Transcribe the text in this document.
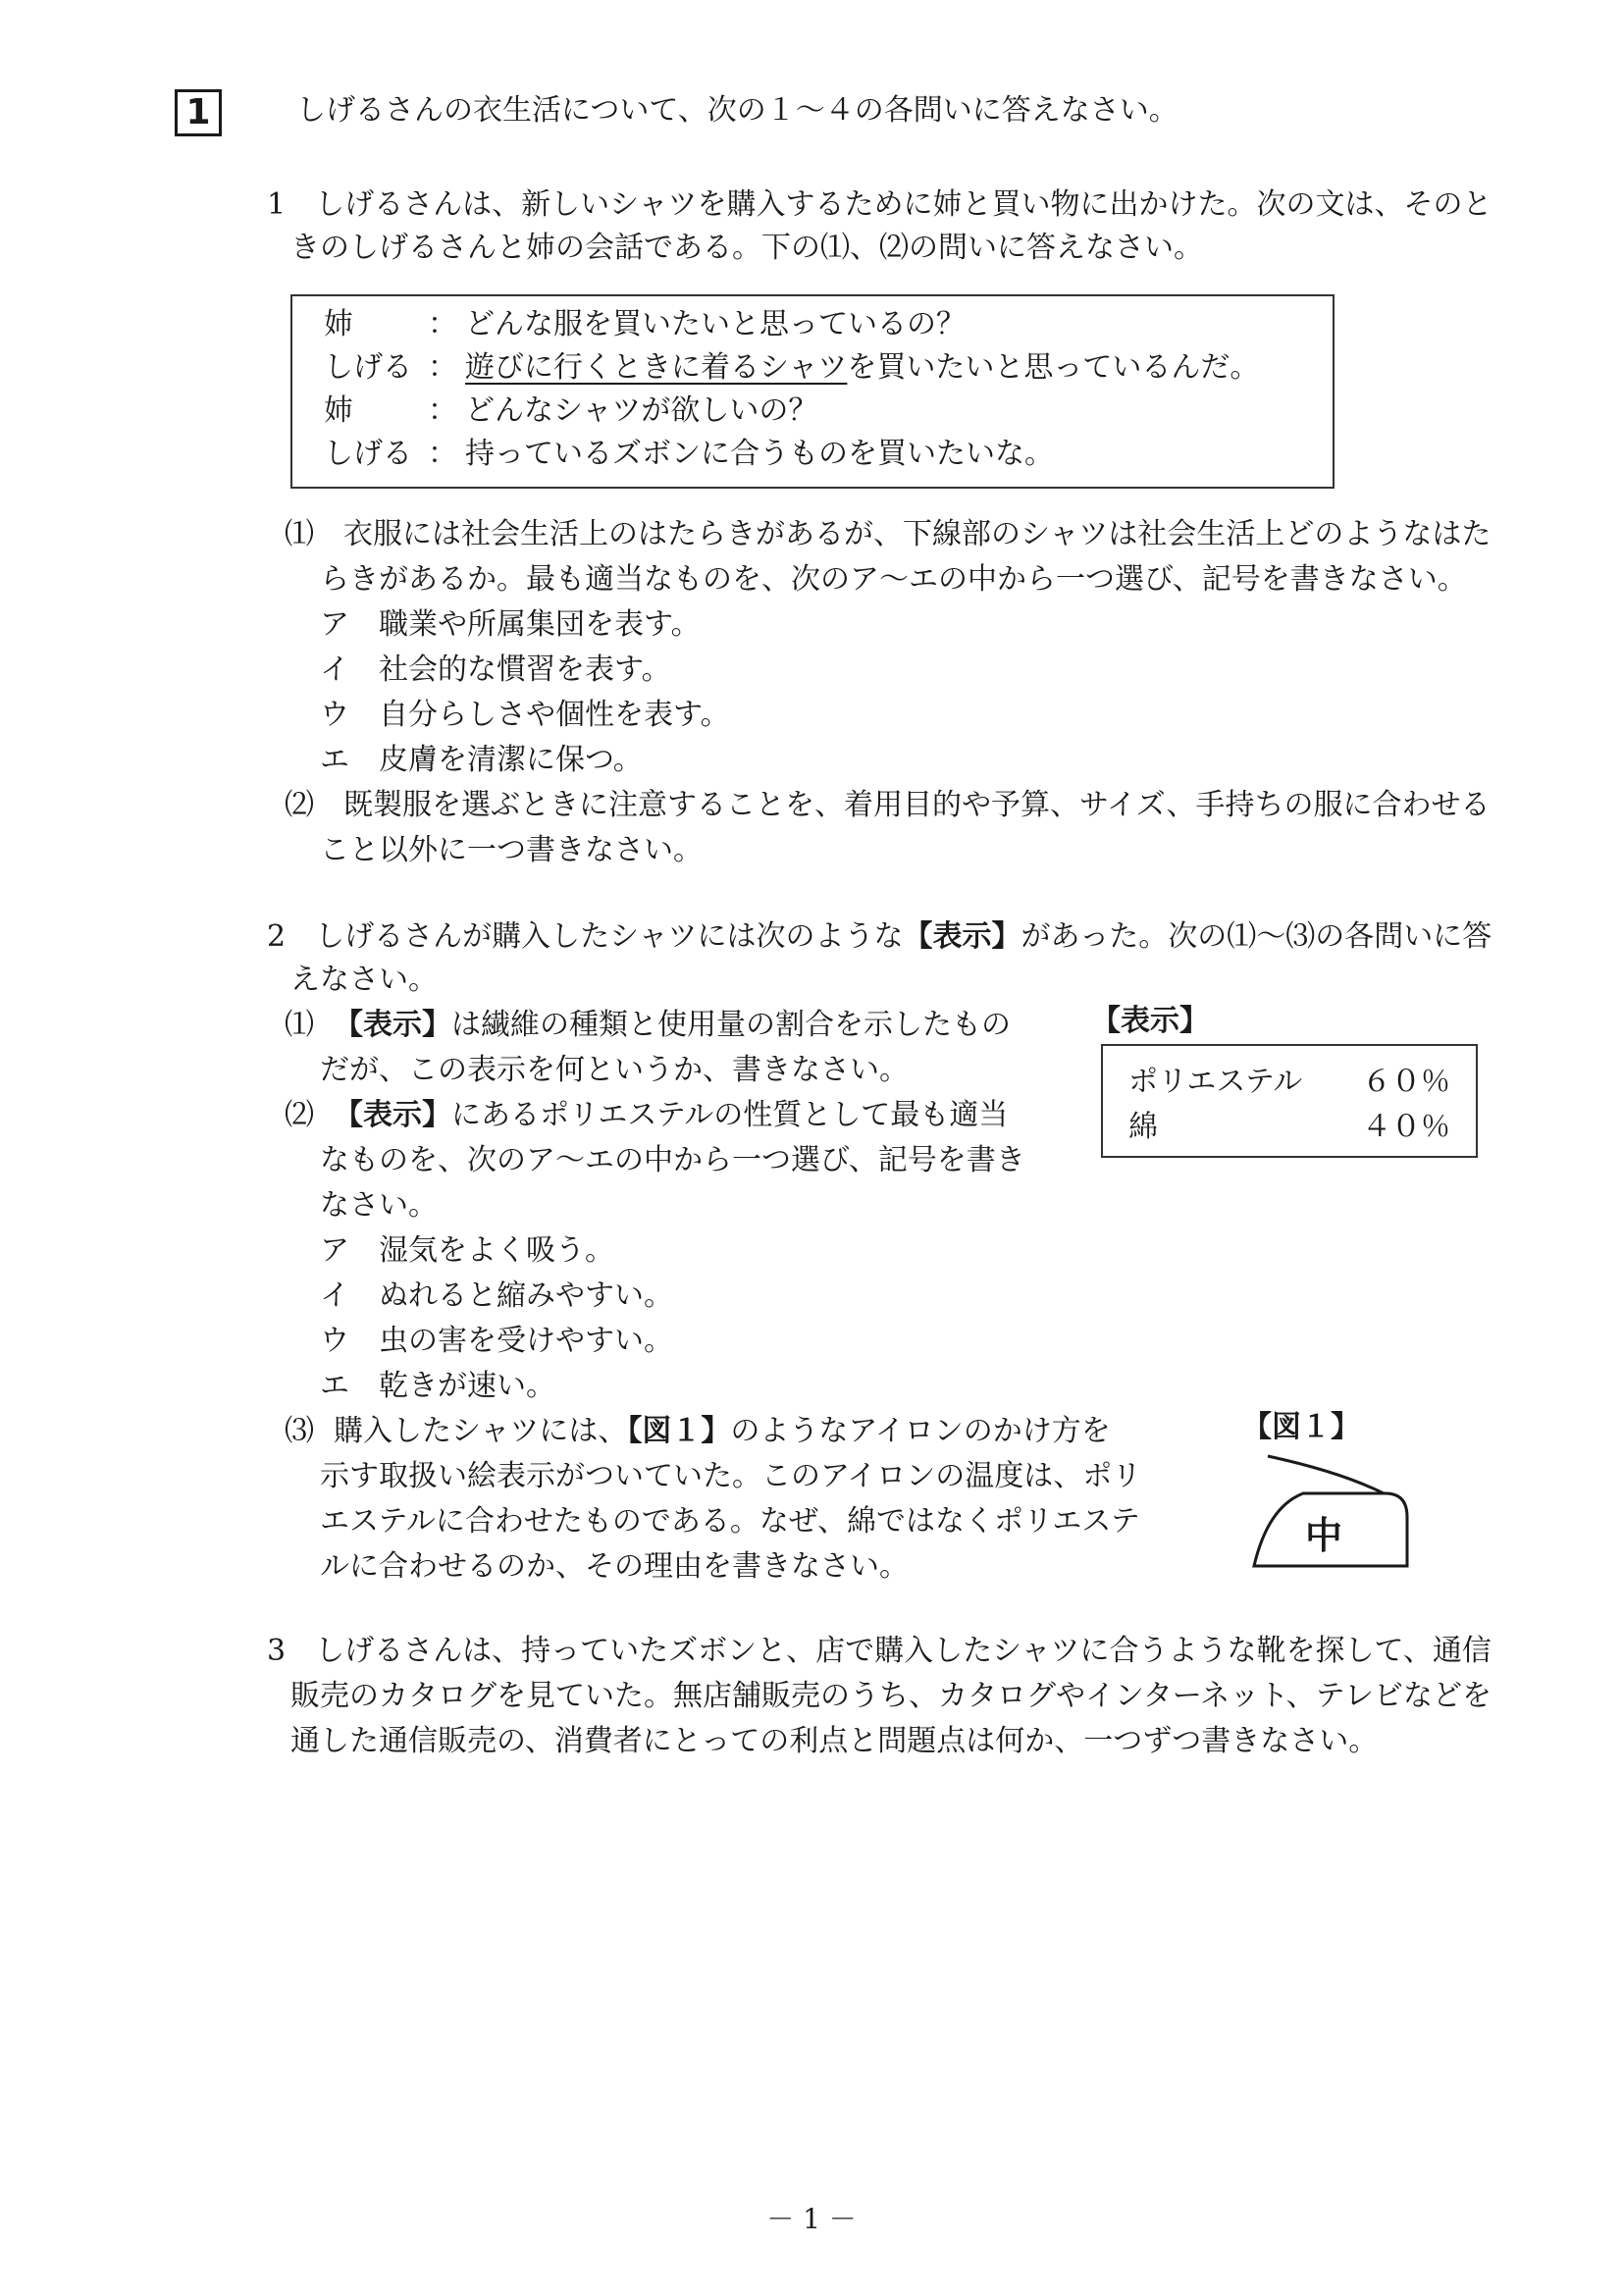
1	しげるさんの衣生活について、次の１～４の各問いに答えなさい。
1　しげるさんは、新しいシャツを購入するために姉と買い物に出かけた。次の文は、そのと
きのしげるさんと姉の会話である。下の⑴、⑵の問いに答えなさい。
姉	： どんな服を買いたいと思っているの？
しげる ： 遊びに行くときに着るシャツを買いたいと思っているんだ。
姉	： どんなシャツが欲しいの？
しげる ： 持っているズボンに合うものを買いたいな。
⑴　衣服には社会生活上のはたらきがあるが、下線部のシャツは社会生活上どのようなはた
らきがあるか。最も適当なものを、次のア～エの中から一つ選び、記号を書きなさい。
ア　職業や所属集団を表す。
イ　社会的な慣習を表す。
ウ　自分らしさや個性を表す。
エ　皮膚を清潔に保つ。
⑵　既製服を選ぶときに注意することを、着用目的や予算、サイズ、手持ちの服に合わせる
こと以外に一つ書きなさい。
2　しげるさんが購入したシャツには次のような【表示】があった。次の⑴～⑶の各問いに答
えなさい。
⑴ 【表示】は繊維の種類と使用量の割合を示したもの
だが、この表示を何というか、書きなさい。
⑵ 【表示】にあるポリエステルの性質として最も適当
なものを、次のア～エの中から一つ選び、記号を書き
なさい。
ア　湿気をよく吸う。
イ　ぬれると縮みやすい。
ウ　虫の害を受けやすい。
エ　乾きが速い。
【表示】
ポリエステル ６０％
綿	４０％
⑶ 購入したシャツには、【図１】のようなアイロンのかけ方を
示す取扱い絵表示がついていた。このアイロンの温度は、ポリ
エステルに合わせたものである。なぜ、綿ではなくポリエステ
ルに合わせるのか、その理由を書きなさい。
【図１】
中
3　しげるさんは、持っていたズボンと、店で購入したシャツに合うような靴を探して、通信
販売のカタログを見ていた。無店舗販売のうち、カタログやインターネット、テレビなどを
通した通信販売の、消費者にとっての利点と問題点は何か、一つずつ書きなさい。
－ 1 －
